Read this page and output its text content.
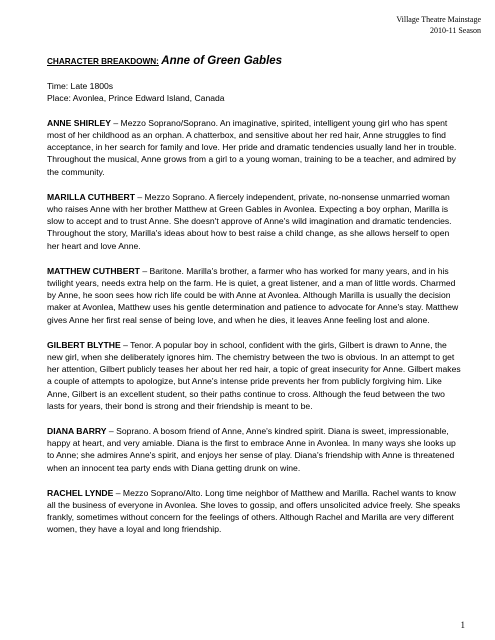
Village Theatre Mainstage
2010-11 Season
CHARACTER BREAKDOWN: Anne of Green Gables
Time: Late 1800s
Place: Avonlea, Prince Edward Island, Canada

ANNE SHIRLEY – Mezzo Soprano/Soprano. An imaginative, spirited, intelligent young girl who has spent most of her childhood as an orphan. A chatterbox, and sensitive about her red hair, Anne struggles to find acceptance, in her search for family and love. Her pride and dramatic tendencies usually land her in trouble. Throughout the musical, Anne grows from a girl to a young woman, training to be a teacher, and admired by the community.

MARILLA CUTHBERT – Mezzo Soprano. A fiercely independent, private, no-nonsense unmarried woman who raises Anne with her brother Matthew at Green Gables in Avonlea. Expecting a boy orphan, Marilla is slow to accept and to trust Anne. She doesn't approve of Anne's wild imagination and dramatic tendencies. Throughout the story, Marilla's ideas about how to best raise a child change, as she allows herself to open her heart and love Anne.

MATTHEW CUTHBERT – Baritone. Marilla's brother, a farmer who has worked for many years, and in his twilight years, needs extra help on the farm. He is quiet, a great listener, and a man of little words. Charmed by Anne, he soon sees how rich life could be with Anne at Avonlea. Although Marilla is usually the decision maker at Avonlea, Matthew uses his gentle determination and patience to advocate for Anne's stay. Matthew gives Anne her first real sense of being love, and when he dies, it leaves Anne feeling lost and alone.

GILBERT BLYTHE – Tenor. A popular boy in school, confident with the girls, Gilbert is drawn to Anne, the new girl, when she deliberately ignores him. The chemistry between the two is obvious. In an attempt to get her attention, Gilbert publicly teases her about her red hair, a topic of great insecurity for Anne. Gilbert makes a couple of attempts to apologize, but Anne's intense pride prevents her from publicly forgiving him. Like Anne, Gilbert is an excellent student, so their paths continue to cross. Although the feud between the two lasts for years, their bond is strong and their friendship is meant to be.

DIANA BARRY – Soprano. A bosom friend of Anne, Anne's kindred spirit. Diana is sweet, impressionable, happy at heart, and very amiable. Diana is the first to embrace Anne in Avonlea. In many ways she looks up to Anne; she admires Anne's spirit, and enjoys her sense of play. Diana's friendship with Anne is threatened when an innocent tea party ends with Diana getting drunk on wine.

RACHEL LYNDE – Mezzo Soprano/Alto. Long time neighbor of Matthew and Marilla. Rachel wants to know all the business of everyone in Avonlea. She loves to gossip, and offers unsolicited advice freely. She speaks frankly, sometimes without concern for the feelings of others. Although Rachel and Marilla are very different women, they have a loyal and long friendship.

1
